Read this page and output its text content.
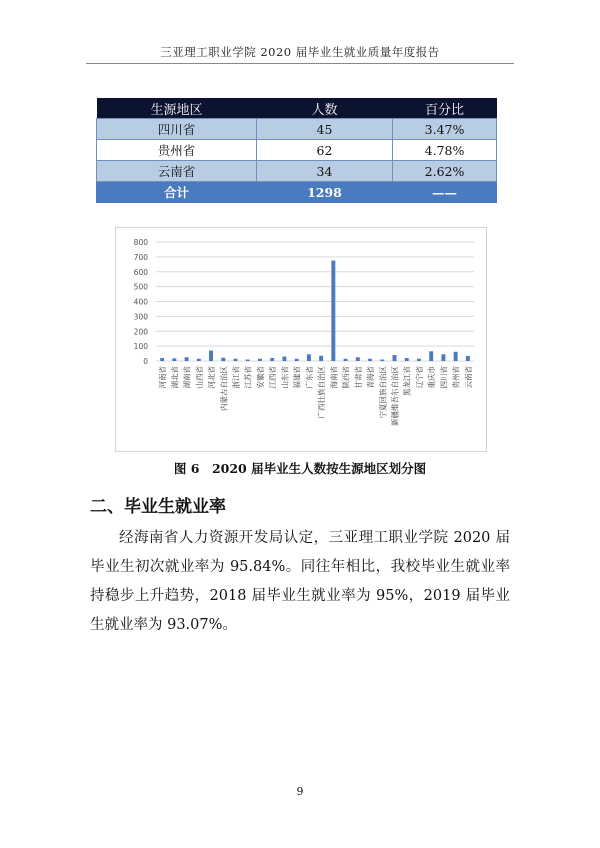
三亚理工职业学院 2020 届毕业生就业质量年度报告
生源地区	人数	百分比
四川省	45	3.47%
贵州省	62	4.78%
云南省	34	2.62%
合计	1298	——
0
100
200
300
400
500
600
700
800
河南省 湖北省 湖南省 山西省 河北省 内蒙古自治区 浙江省 江苏省 安徽省 江西省 山东省 福建省 广东省 广西壮族自治区 海南省 陕西省 甘肃省 青海省 宁夏回族自治区 新疆维吾尔自治区 黑龙江省 辽宁省 重庆市 四川省 贵州省 云南省
图 6　2020 届毕业生人数按生源地区划分图
二、毕业生就业率

经海南省人力资源开发局认定，三亚理工职业学院 2020 届毕业生初次就业率为 95.84%。同往年相比，我校毕业生就业率持稳步上升趋势，2018 届毕业生就业率为 95%，2019 届毕业生就业率为 93.07%。

9
